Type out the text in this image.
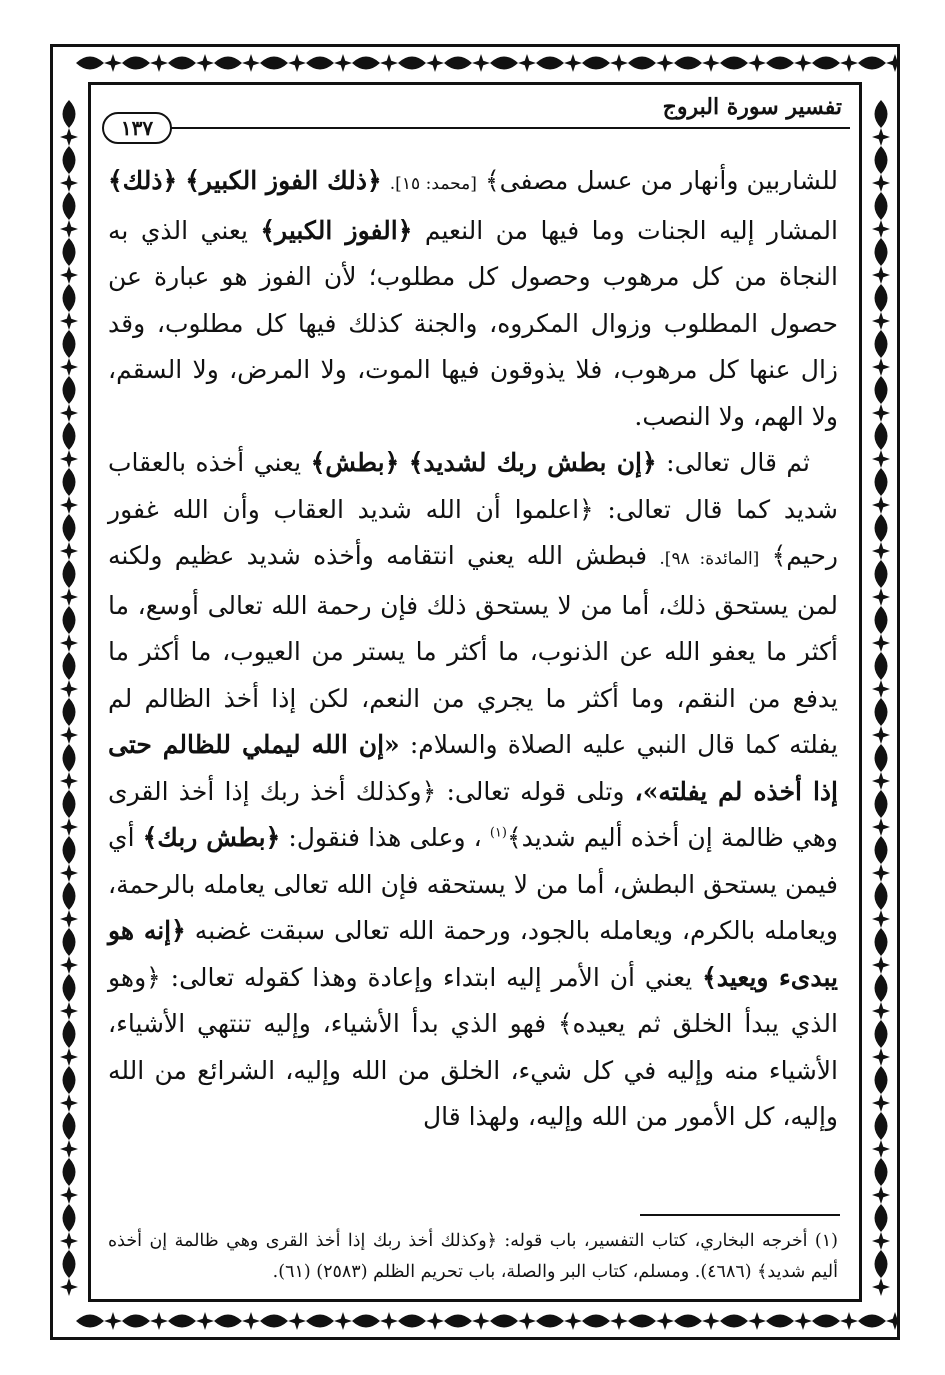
تفسير سورة البروج
١٣٧

للشاربين وأنهار من عسل مصفى﴾ [محمد: ١٥]. ﴿ذلك الفوز الكبير﴾ ﴿ذلك﴾ المشار إليه الجنات وما فيها من النعيم ﴿الفوز الكبير﴾ يعني الذي به النجاة من كل مرهوب وحصول كل مطلوب؛ لأن الفوز هو عبارة عن حصول المطلوب وزوال المكروه، والجنة كذلك فيها كل مطلوب، وقد زال عنها كل مرهوب، فلا يذوقون فيها الموت، ولا المرض، ولا السقم، ولا الهم، ولا النصب.

ثم قال تعالى: ﴿إن بطش ربك لشديد﴾ ﴿بطش﴾ يعني أخذه بالعقاب شديد كما قال تعالى: ﴿اعلموا أن الله شديد العقاب وأن الله غفور رحيم﴾ [المائدة: ٩٨]. فبطش الله يعني انتقامه وأخذه شديد عظيم ولكنه لمن يستحق ذلك، أما من لا يستحق ذلك فإن رحمة الله تعالى أوسع، ما أكثر ما يعفو الله عن الذنوب، ما أكثر ما يستر من العيوب، ما أكثر ما يدفع من النقم، وما أكثر ما يجري من النعم، لكن إذا أخذ الظالم لم يفلته كما قال النبي عليه الصلاة والسلام: «إن الله ليملي للظالم حتى إذا أخذه لم يفلته»، وتلى قوله تعالى: ﴿وكذلك أخذ ربك إذا أخذ القرى وهي ظالمة إن أخذه أليم شديد﴾$^{(١)}$ ، وعلى هذا فنقول: ﴿بطش ربك﴾ أي فيمن يستحق البطش، أما من لا يستحقه فإن الله تعالى يعامله بالرحمة، ويعامله بالكرم، ويعامله بالجود، ورحمة الله تعالى سبقت غضبه ﴿إنه هو يبدىء ويعيد﴾ يعني أن الأمر إليه ابتداء وإعادة وهذا كقوله تعالى: ﴿وهو الذي يبدأ الخلق ثم يعيده﴾ فهو الذي بدأ الأشياء، وإليه تنتهي الأشياء، الأشياء منه وإليه في كل شيء، الخلق من الله وإليه، الشرائع من الله وإليه، كل الأمور من الله وإليه، ولهذا قال

(١) أخرجه البخاري، كتاب التفسير، باب قوله: ﴿وكذلك أخذ ربك إذا أخذ القرى وهي ظالمة إن أخذه أليم شديد﴾ (٤٦٨٦). ومسلم، كتاب البر والصلة، باب تحريم الظلم (٢٥٨٣) (٦١).
